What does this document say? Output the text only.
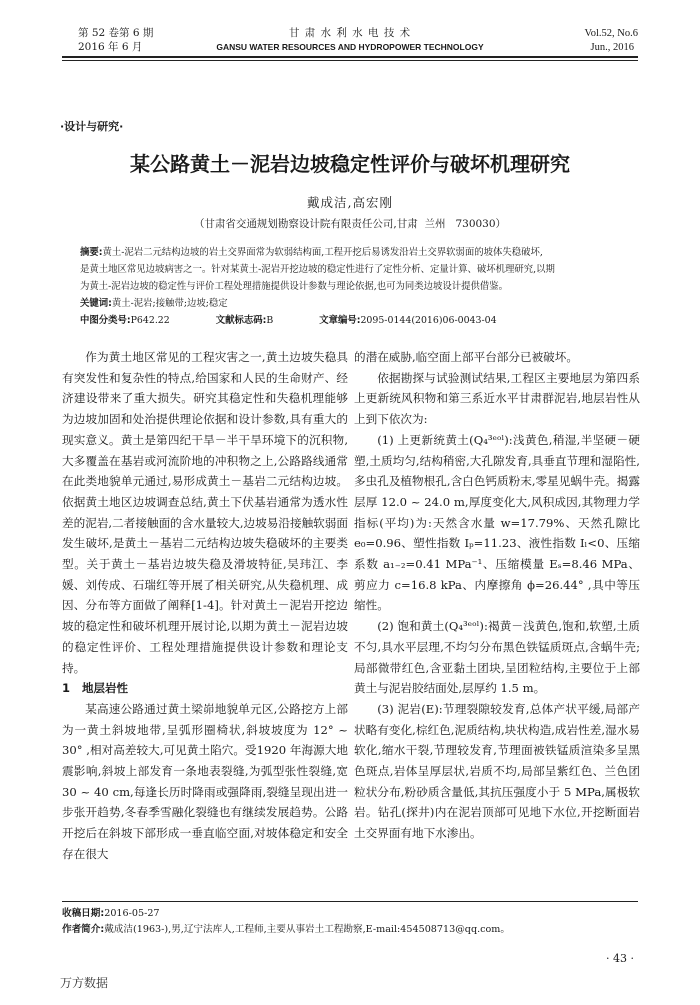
第 52 卷第 6 期
2016 年 6 月
甘 肃 水 利 水 电 技 术
GANSU WATER RESOURCES AND HYDROPOWER TECHNOLOGY
Vol.52, No.6
Jun., 2016
·设计与研究·
某公路黄土－泥岩边坡稳定性评价与破坏机理研究
戴成洁,高宏刚
（甘肃省交通规划勘察设计院有限责任公司,甘肃  兰州   730030）
摘要:黄土-泥岩二元结构边坡的岩土交界面常为软弱结构面,工程开挖后易诱发沿岩土交界软弱面的坡体失稳破坏,
是黄土地区常见边坡病害之一。针对某黄土-泥岩开挖边坡的稳定性进行了定性分析、定量计算、破坏机理研究,以期
为黄土-泥岩边坡的稳定性与评价工程处理措施提供设计参数与理论依据,也可为同类边坡设计提供借鉴。
关键词:黄土-泥岩;接触带;边坡;稳定
中图分类号:P642.22	文献标志码:B	文章编号:2095-0144(2016)06-0043-04

作为黄土地区常见的工程灾害之一,黄土边坡失稳具有突发性和复杂性的特点,给国家和人民的生命财产、经济建设带来了重大损失。研究其稳定性和失稳机理能够为边坡加固和处治提供理论依据和设计参数,具有重大的现实意义。黄土是第四纪干旱－半干旱环境下的沉积物,大多覆盖在基岩或河流阶地的冲积物之上,公路路线通常在此类地貌单元通过,易形成黄土－基岩二元结构边坡。依据黄土地区边坡调查总结,黄土下伏基岩通常为透水性差的泥岩,二者接触面的含水量较大,边坡易沿接触软弱面发生破坏,是黄土－基岩二元结构边坡失稳破坏的主要类型。关于黄土－基岩边坡失稳及滑坡特征,吴玮江、李媛、刘传成、石瑞红等开展了相关研究,从失稳机理、成因、分布等方面做了阐释[1-4]。针对黄土－泥岩开挖边坡的稳定性和破坏机理开展讨论,以期为黄土－泥岩边坡的稳定性评价、工程处理措施提供设计参数和理论支持。

1   地层岩性

某高速公路通过黄土梁峁地貌单元区,公路挖方上部为一黄土斜坡地带,呈弧形圈椅状,斜坡坡度为 12° ~ 30° ,相对高差较大,可见黄土陷穴。受1920 年海源大地震影响,斜坡上部发育一条地表裂缝,为弧型张性裂缝,宽 30 ~ 40 cm,每逢长历时降雨或强降雨,裂缝呈现出进一步张开趋势,冬春季雪融化裂缝也有继续发展趋势。公路开挖后在斜坡下部形成一垂直临空面,对坡体稳定和安全存在很大

的潜在威胁,临空面上部平台部分已被破坏。

依据勘探与试验测试结果,工程区主要地层为第四系上更新统风积物和第三系近水平甘肃群泥岩,地层岩性从上到下依次为:

(1) 上更新统黄土(Q₄³ᵉᵒˡ):浅黄色,稍湿,半坚硬－硬塑,土质均匀,结构稍密,大孔隙发育,具垂直节理和湿陷性,多虫孔及植物根孔,含白色钙质粉末,零星见蜗牛壳。揭露层厚 12.0 ~ 24.0 m,厚度变化大,风积成因,其物理力学指标(平均)为:天然含水量 w=17.79%、天然孔隙比 e₀=0.96、塑性指数 Iₚ=11.23、液性指数 Iₗ<0、压缩系数 a₁₋₂=0.41 MPa⁻¹、压缩模量 Eₛ=8.46 MPa、剪应力 c=16.8 kPa、内摩擦角 ϕ=26.44° ,具中等压缩性。

(2) 饱和黄土(Q₄³ᵉᵒˡ):褐黄－浅黄色,饱和,软塑,土质不匀,具水平层理,不均匀分布黑色铁锰质斑点,含蜗牛壳;局部微带红色,含亚黏土团块,呈团粒结构,主要位于上部黄土与泥岩胶结面处,层厚约 1.5 m。

(3) 泥岩(E):节理裂隙较发育,总体产状平缓,局部产状略有变化,棕红色,泥质结构,块状构造,成岩性差,湿水易软化,缩水干裂,节理较发育,节理面被铁锰质渲染多呈黑色斑点,岩体呈厚层状,岩质不均,局部呈紫红色、兰色团粒状分布,粉砂质含量低,其抗压强度小于 5 MPa,属极软岩。钻孔(探井)内在泥岩顶部可见地下水位,开挖断面岩土交界面有地下水渗出。

收稿日期:2016-05-27
作者简介:戴成洁(1963-),男,辽宁法库人,工程师,主要从事岩土工程勘察,E-mail:454508713@qq.com。
· 43 ·
万方数据
